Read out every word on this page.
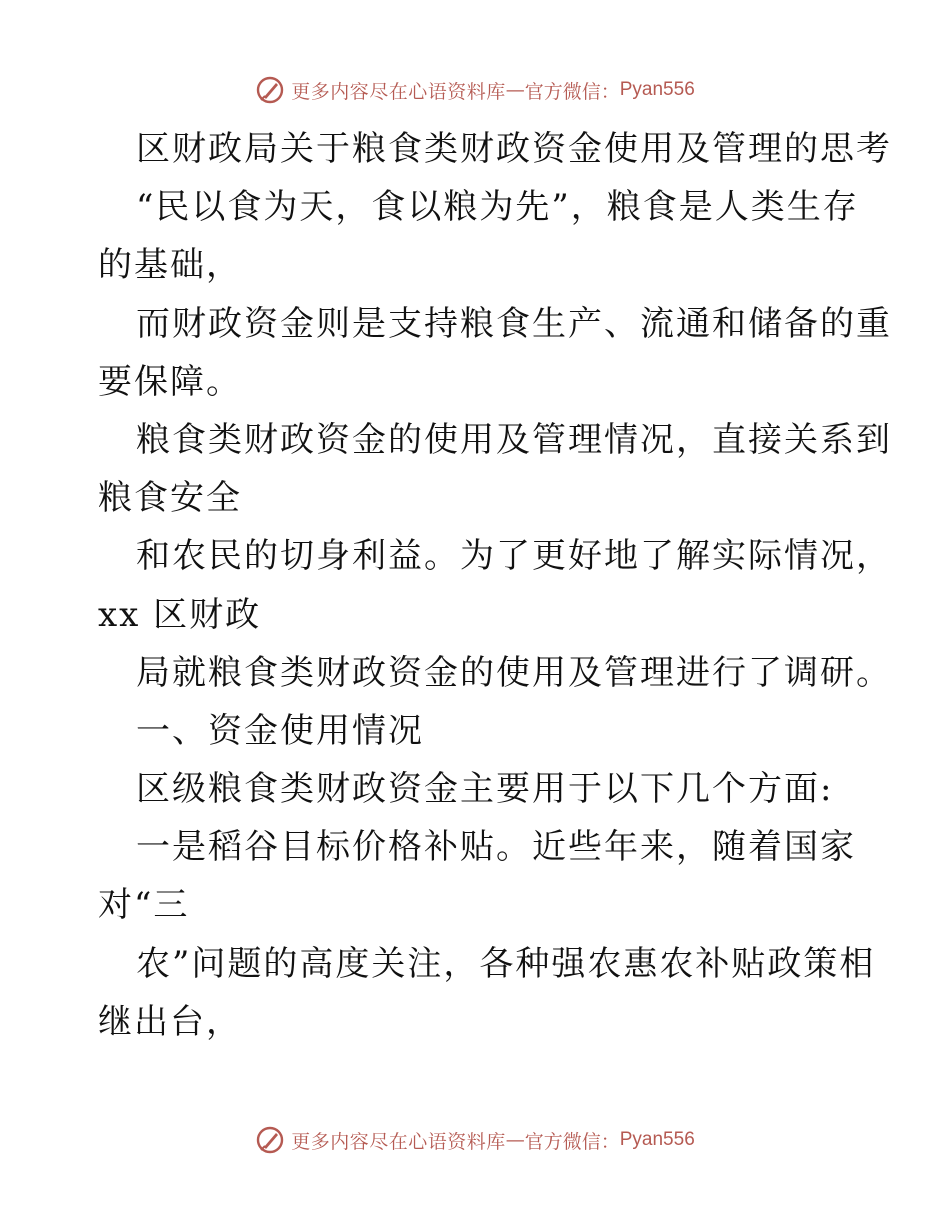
更多内容尽在心语资料库 — 官方微信： Pyan556
区财政局关于粮食类财政资金使用及管理的思考
“民以食为天，食以粮为先”，粮食是人类生存
的基础，
而财政资金则是支持粮食生产、流通和储备的重
要保障。
粮食类财政资金的使用及管理情况，直接关系到
粮食安全
和农民的切身利益。为了更好地了解实际情况，
xx 区财政
局就粮食类财政资金的使用及管理进行了调研。
一、资金使用情况
区级粮食类财政资金主要用于以下几个方面:
一是稻谷目标价格补贴。近些年来，随着国家
对“三
农”问题的高度关注，各种强农惠农补贴政策相
继出台，
更多内容尽在心语资料库 — 官方微信： Pyan556
